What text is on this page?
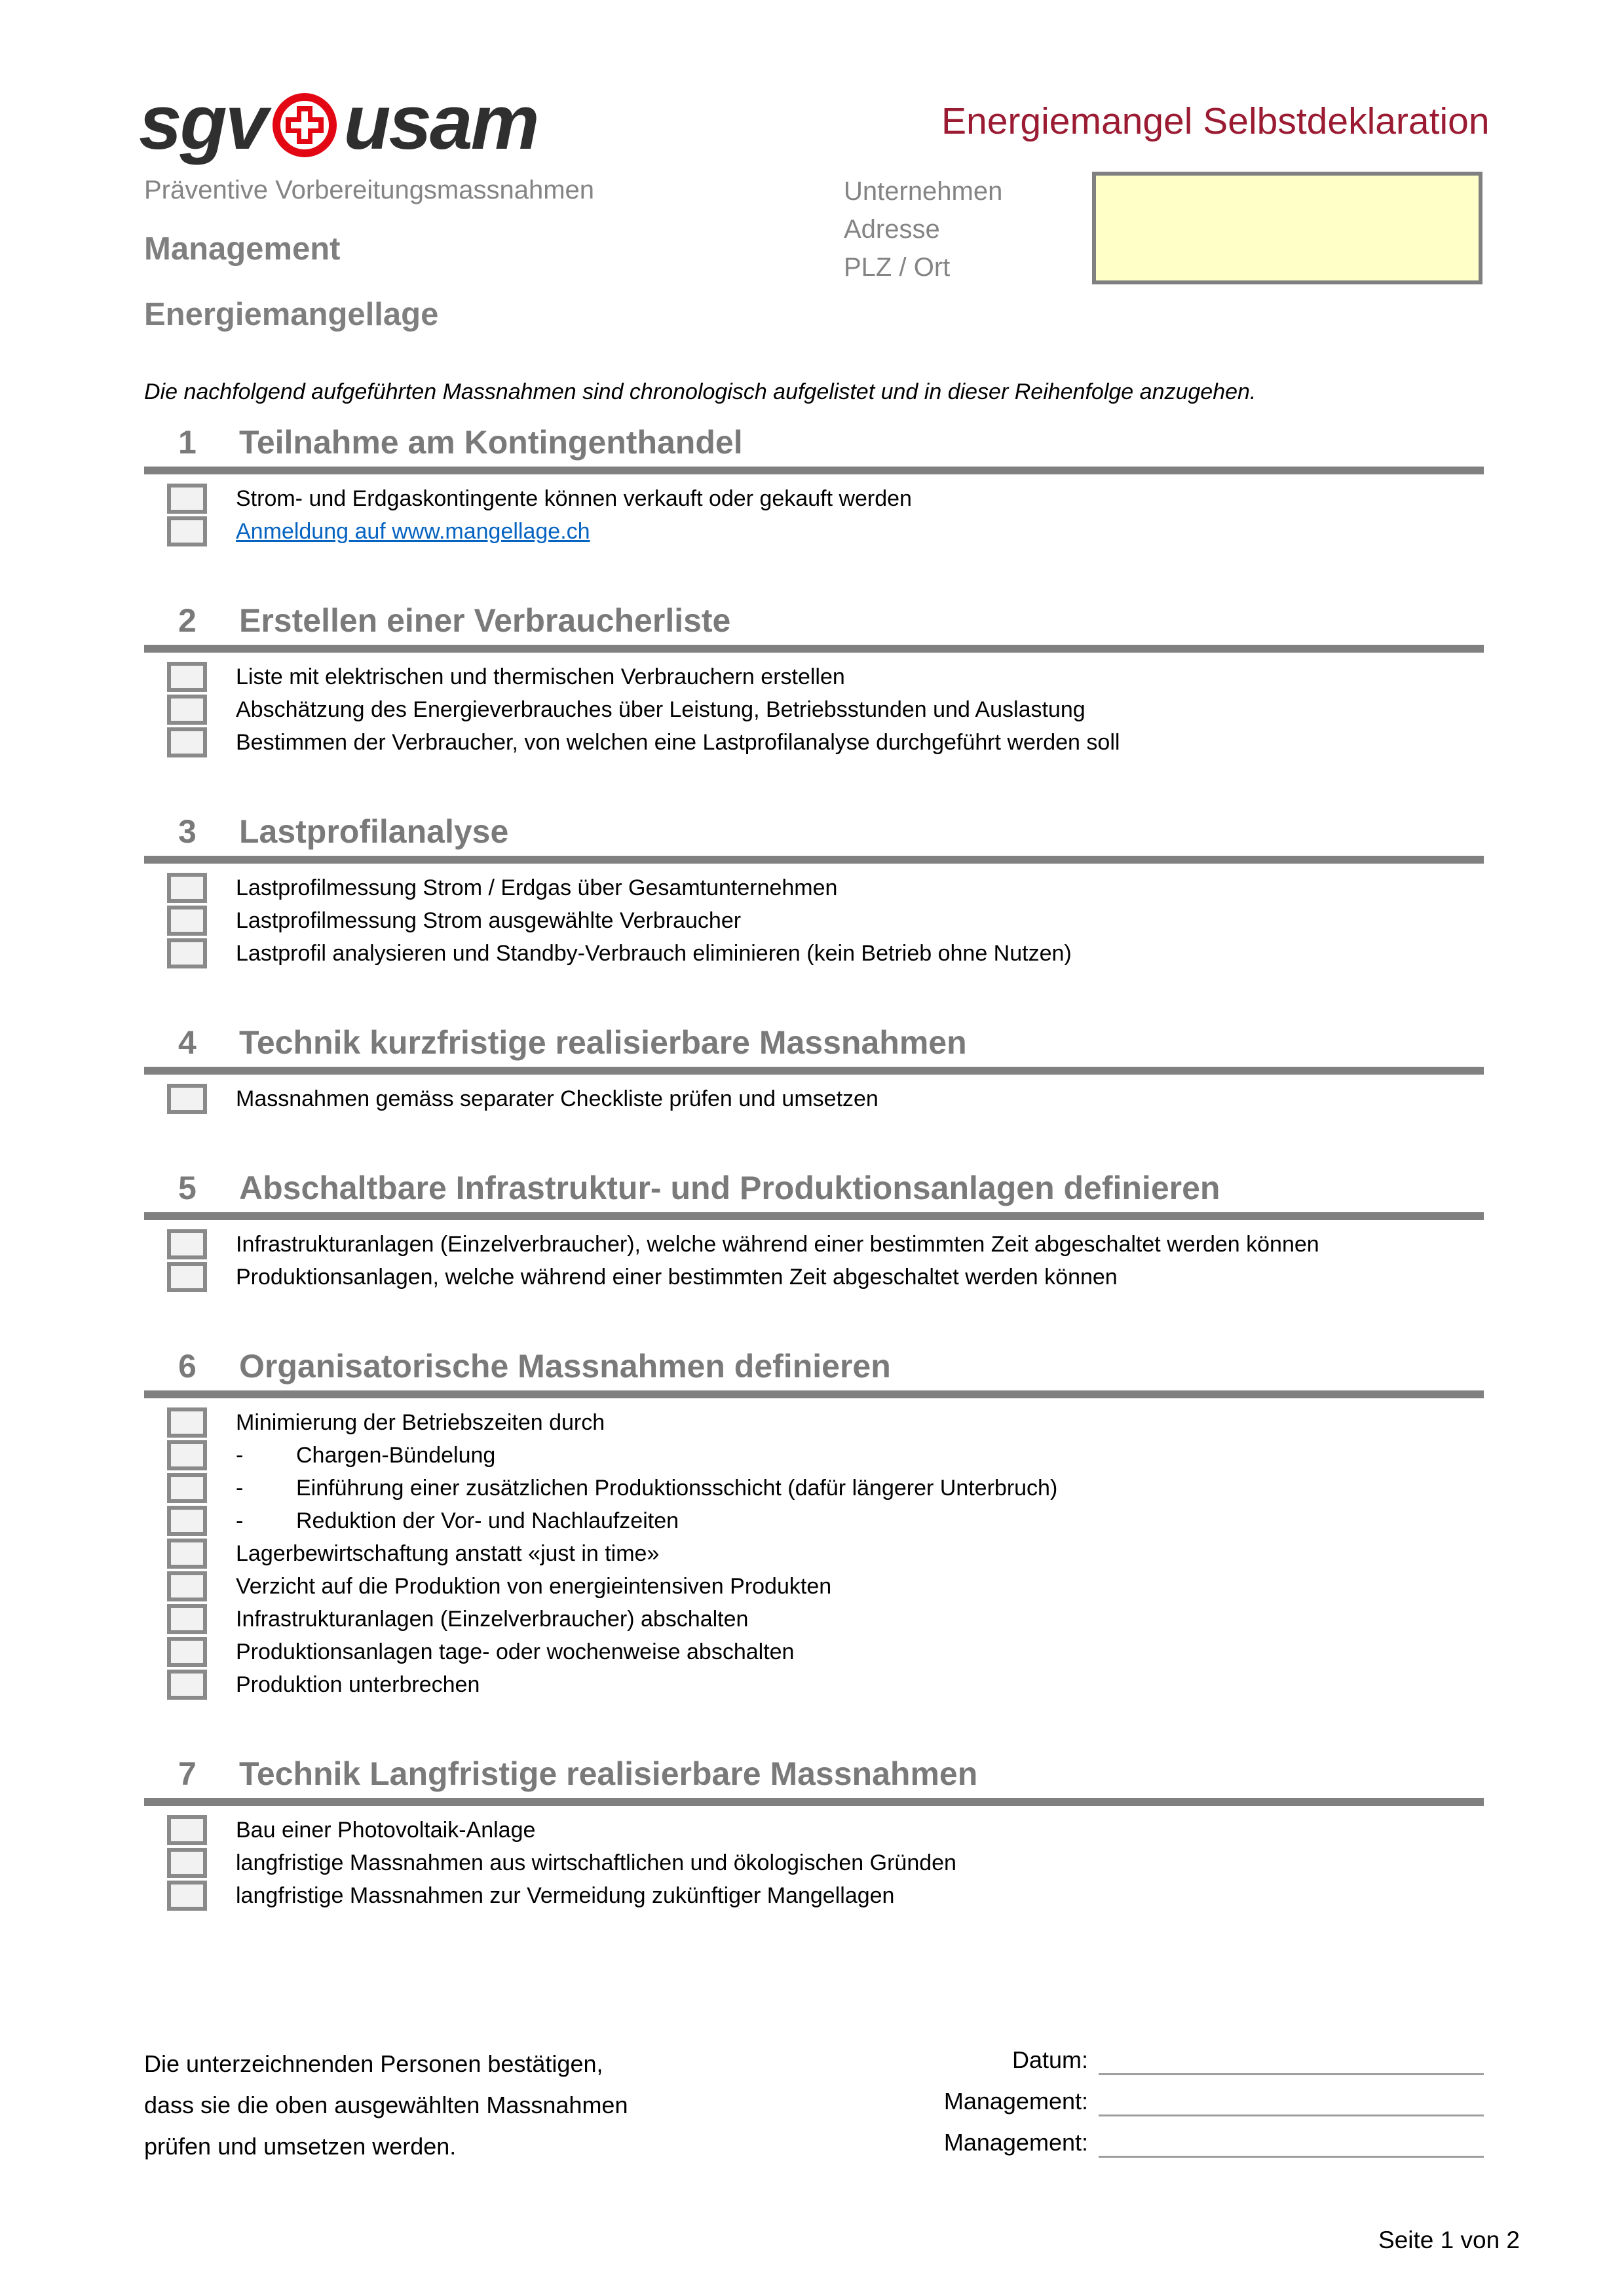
sgv usam	Energiemangel Selbstdeklaration
Präventive Vorbereitungsmassnahmen
Management
Energiemangellage
Unternehmen
Adresse
PLZ / Ort

Die nachfolgend aufgeführten Massnahmen sind chronologisch aufgelistet und in dieser Reihenfolge anzugehen.

1	Teilnahme am Kontingenthandel
Strom- und Erdgaskontingente können verkauft oder gekauft werden
Anmeldung auf www.mangellage.ch
2	Erstellen einer Verbraucherliste
Liste mit elektrischen und thermischen Verbrauchern erstellen
Abschätzung des Energieverbrauches über Leistung, Betriebsstunden und Auslastung
Bestimmen der Verbraucher, von welchen eine Lastprofilanalyse durchgeführt werden soll
3	Lastprofilanalyse
Lastprofilmessung Strom / Erdgas über Gesamtunternehmen
Lastprofilmessung Strom ausgewählte Verbraucher
Lastprofil analysieren und Standby-Verbrauch eliminieren (kein Betrieb ohne Nutzen)
4	Technik kurzfristige realisierbare Massnahmen
Massnahmen gemäss separater Checkliste prüfen und umsetzen
5	Abschaltbare Infrastruktur- und Produktionsanlagen definieren
Infrastrukturanlagen (Einzelverbraucher), welche während einer bestimmten Zeit abgeschaltet werden können
Produktionsanlagen, welche während einer bestimmten Zeit abgeschaltet werden können
6	Organisatorische Massnahmen definieren
Minimierung der Betriebszeiten durch
-	Chargen-Bündelung
-	Einführung einer zusätzlichen Produktionsschicht (dafür längerer Unterbruch)
-	Reduktion der Vor- und Nachlaufzeiten
Lagerbewirtschaftung anstatt «just in time»
Verzicht auf die Produktion von energieintensiven Produkten
Infrastrukturanlagen (Einzelverbraucher) abschalten
Produktionsanlagen tage- oder wochenweise abschalten
Produktion unterbrechen
7	Technik Langfristige realisierbare Massnahmen
Bau einer Photovoltaik-Anlage
langfristige Massnahmen aus wirtschaftlichen und ökologischen Gründen
langfristige Massnahmen zur Vermeidung zukünftiger Mangellagen
Die unterzeichnenden Personen bestätigen,
dass sie die oben ausgewählten Massnahmen
prüfen und umsetzen werden.
Datum:
Management:
Management:
Seite 1 von 2
